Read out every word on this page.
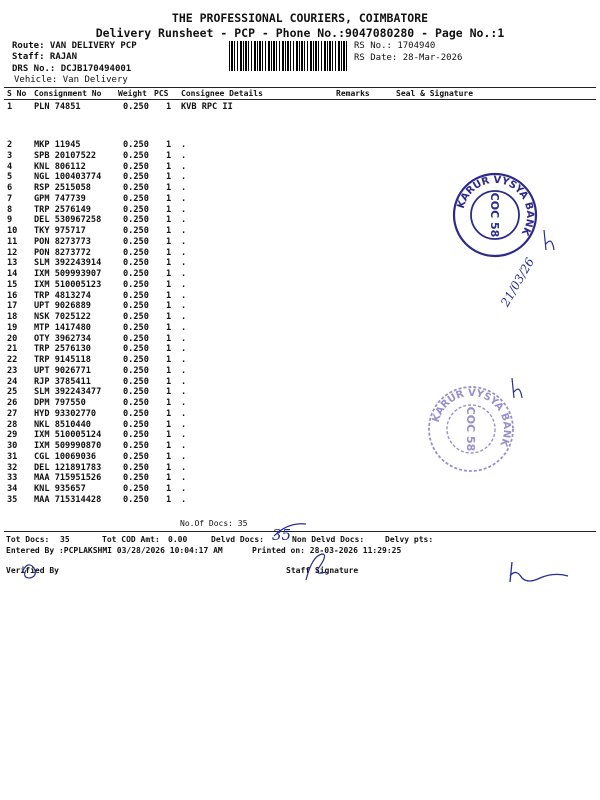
THE PROFESSIONAL COURIERS, COIMBATORE
Delivery Runsheet - PCP - Phone No.:9047080280 - Page No.:1
Route: VAN DELIVERY PCP
Staff: RAJAN
DRS No.: DCJB170494001
Vehicle: Van Delivery
RS No.: 1704940
RS Date: 28-Mar-2026
S No Consignment No Weight PCS Consignee Details	Remarks	Seal & Signature
1	PLN 74851	0.250 1 KVB RPC II
2	MKP 11945	0.250 1 .
3	SPB 20107522	0.250 1 .
4	KNL 806112	0.250 1 .
5	NGL 100403774	0.250 1 .
6	RSP 2515058	0.250 1 .
7	GPM 747739	0.250 1 .
8	TRP 2576149	0.250 1 .
9	DEL 530967258	0.250 1 .
10 TKY 975717	0.250 1 .
11 PON 8273773	0.250 1 .
12 PON 8273772	0.250 1 .
13 SLM 392243914	0.250 1 .
14 IXM 509993907	0.250 1 .
15 IXM 510005123	0.250 1 .
16 TRP 4813274	0.250 1 .
17 UPT 9026889	0.250 1 .
18 NSK 7025122	0.250 1 .
19 MTP 1417480	0.250 1 .
20 OTY 3962734	0.250 1 .
21 TRP 2576130	0.250 1 .
22 TRP 9145118	0.250 1 .
23 UPT 9026771	0.250 1 .
24 RJP 3785411	0.250 1 .
25 SLM 392243477	0.250 1 .
26 DPM 797550	0.250 1 .
27 HYD 93302770	0.250 1 .
28 NKL 8510440	0.250 1 .
29 IXM 510005124	0.250 1 .
30 IXM 509990870	0.250 1 .
31 CGL 10069036	0.250 1 .
32 DEL 121891783	0.250 1 .
33 MAA 715951526	0.250 1 .
34 KNL 935657	0.250 1 .
35 MAA 715314428	0.250 1 .
No.Of Docs: 35
Tot Docs: 35	Tot COD Amt: 0.00	Delvd Docs:	Non Delvd Docs:	Delvy pts:
Entered By :PCPLAKSHMI 03/28/2026 10:04:17 AM	Printed on: 28-03-2026 11:29:25
Verified By	Staff Signature
35
KARUR VYSYA BANK
COC 58
KARUR VYSYA BANK
COC 58
21/03/26
